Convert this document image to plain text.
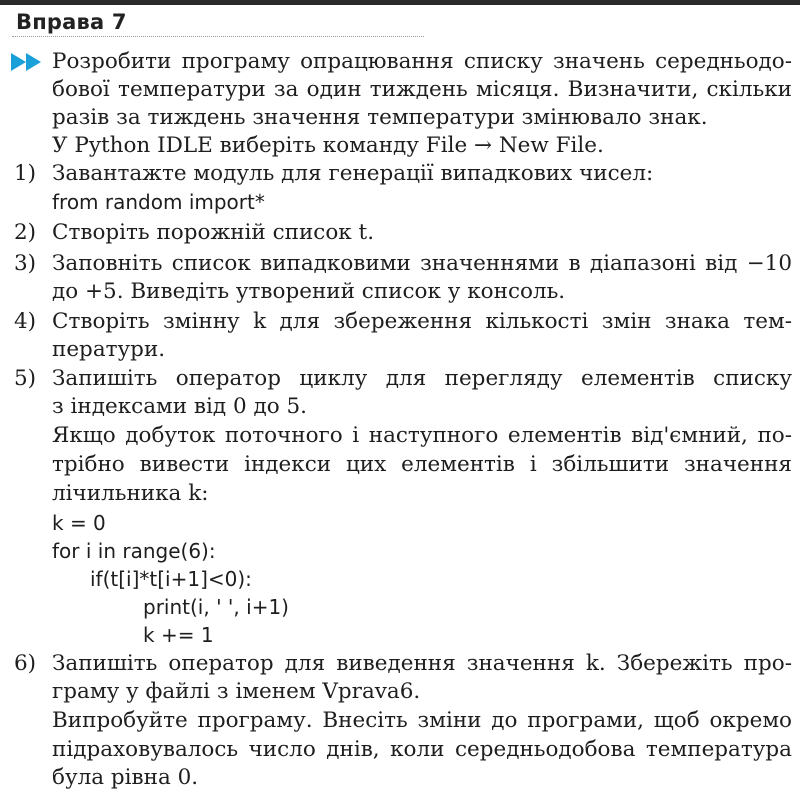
Вправа 7
Розробити програму опрацювання списку значень середньодо-
бової температури за один тиждень місяця. Визначити, скільки
разів за тиждень значення температури змінювало знак.
У Python IDLE виберіть команду File → New File.
1) Завантажте модуль для генерації випадкових чисел:
from random import*
2) Створіть порожній список t.
3) Заповніть список випадковими значеннями в діапазоні від −10
до +5. Виведіть утворений список у консоль.
4) Створіть змінну k для збереження кількості змін знака тем-
ператури.
5) Запишіть оператор циклу для перегляду елементів списку
з індексами від 0 до 5.
Якщо добуток поточного і наступного елементів від'ємний, по-
трібно вивести індекси цих елементів і збільшити значення
лічильника k:
k = 0
for i in range(6):
if(t[i]*t[i+1]<0):
print(i, ' ', i+1)
k += 1
6) Запишіть оператор для виведення значення k. Збережіть про-
граму у файлі з іменем Vprava6.
Випробуйте програму. Внесіть зміни до програми, щоб окремо
підраховувалось число днів, коли середньодобова температура
була рівна 0.
